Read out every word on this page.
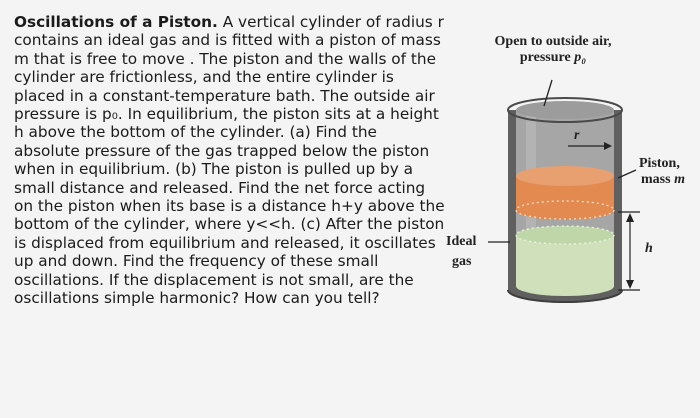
Oscillations of a Piston. A vertical cylinder of radius r contains an ideal gas and is fitted with a piston of mass m that is free to move . The piston and the walls of the cylinder are frictionless, and the entire cylinder is placed in a constant-temperature bath. The outside air pressure is p₀. In equilibrium, the piston sits at a height h above the bottom of the cylinder. (a) Find the absolute pressure of the gas trapped below the piston when in equilibrium. (b) The piston is pulled up by a small distance and released. Find the net force acting on the piston when its base is a distance h+y above the bottom of the cylinder, where y<<h. (c) After the piston is displaced from equilibrium and released, it oscillates up and down. Find the frequency of these small oscillations. If the displacement is not small, are the oscillations simple harmonic? How can you tell?
Open to outside air,
pressure p₀
Piston,
mass m
Ideal
gas
r
h
